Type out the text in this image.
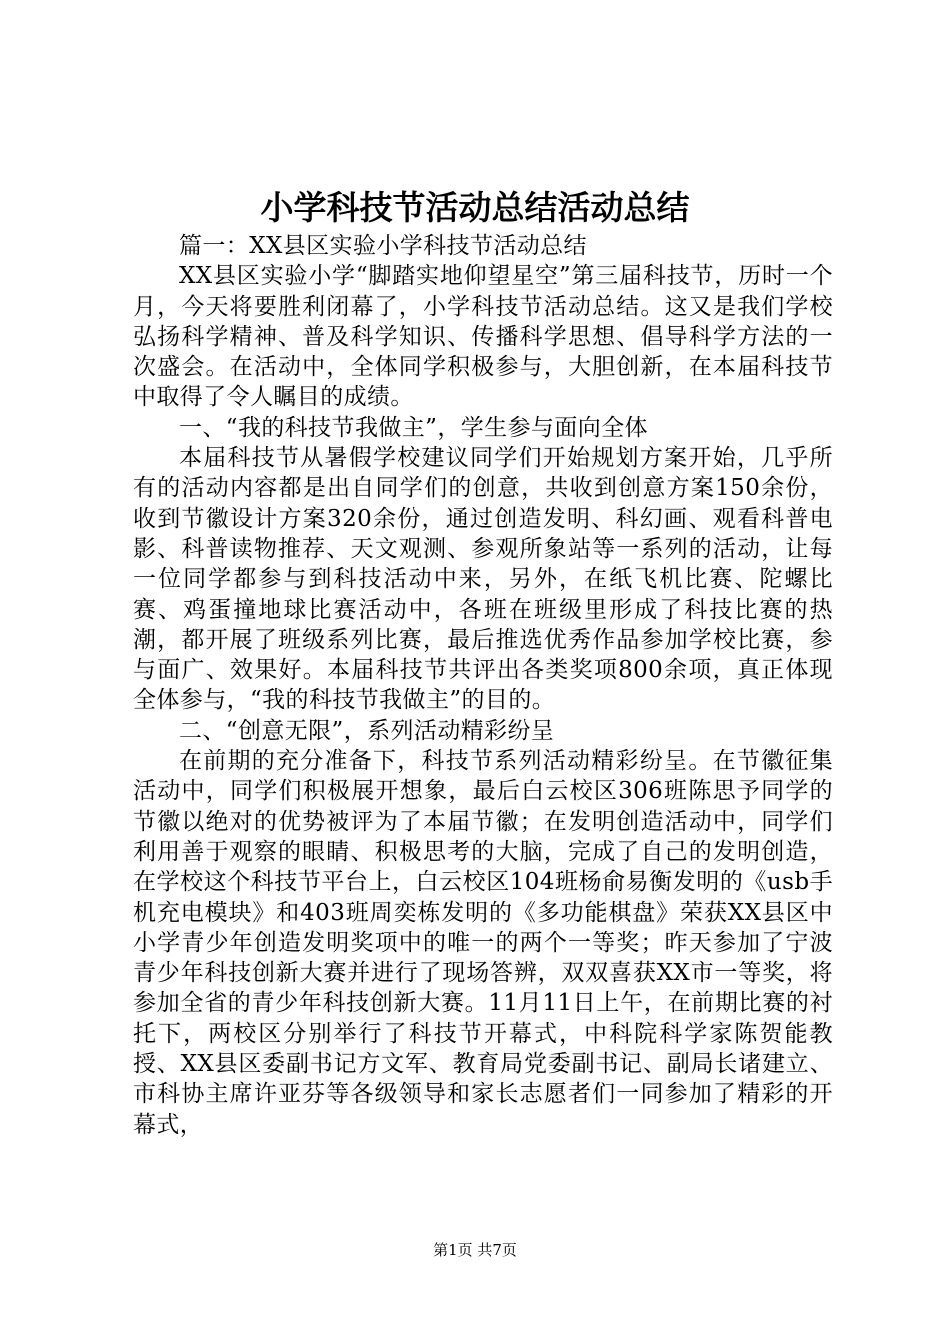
小学科技节活动总结活动总结

篇一：XX县区实验小学科技节活动总结

XX县区实验小学“脚踏实地仰望星空”第三届科技节，历时一个月，今天将要胜利闭幕了，小学科技节活动总结。这又是我们学校弘扬科学精神、普及科学知识、传播科学思想、倡导科学方法的一次盛会。在活动中，全体同学积极参与，大胆创新，在本届科技节中取得了令人瞩目的成绩。

一、“我的科技节我做主”，学生参与面向全体

本届科技节从暑假学校建议同学们开始规划方案开始，几乎所有的活动内容都是出自同学们的创意，共收到创意方案150余份，收到节徽设计方案320余份，通过创造发明、科幻画、观看科普电影、科普读物推荐、天文观测、参观所象站等一系列的活动，让每一位同学都参与到科技活动中来，另外，在纸飞机比赛、陀螺比赛、鸡蛋撞地球比赛活动中，各班在班级里形成了科技比赛的热潮，都开展了班级系列比赛，最后推选优秀作品参加学校比赛，参与面广、效果好。本届科技节共评出各类奖项800余项，真正体现全体参与，“我的科技节我做主”的目的。

二、“创意无限”，系列活动精彩纷呈

在前期的充分准备下，科技节系列活动精彩纷呈。在节徽征集活动中，同学们积极展开想象，最后白云校区306班陈思予同学的节徽以绝对的优势被评为了本届节徽；在发明创造活动中，同学们利用善于观察的眼睛、积极思考的大脑，完成了自己的发明创造，在学校这个科技节平台上，白云校区104班杨俞易衡发明的《usb手机充电模块》和403班周奕栋发明的《多功能棋盘》荣获XX县区中小学青少年创造发明奖项中的唯一的两个一等奖；昨天参加了宁波青少年科技创新大赛并进行了现场答辨，双双喜获XX市一等奖，将参加全省的青少年科技创新大赛。11月11日上午，在前期比赛的衬托下，两校区分别举行了科技节开幕式，中科院科学家陈贺能教授、XX县区委副书记方文军、教育局党委副书记、副局长诸建立、市科协主席许亚芬等各级领导和家长志愿者们一同参加了精彩的开幕式，

第1页 共7页
